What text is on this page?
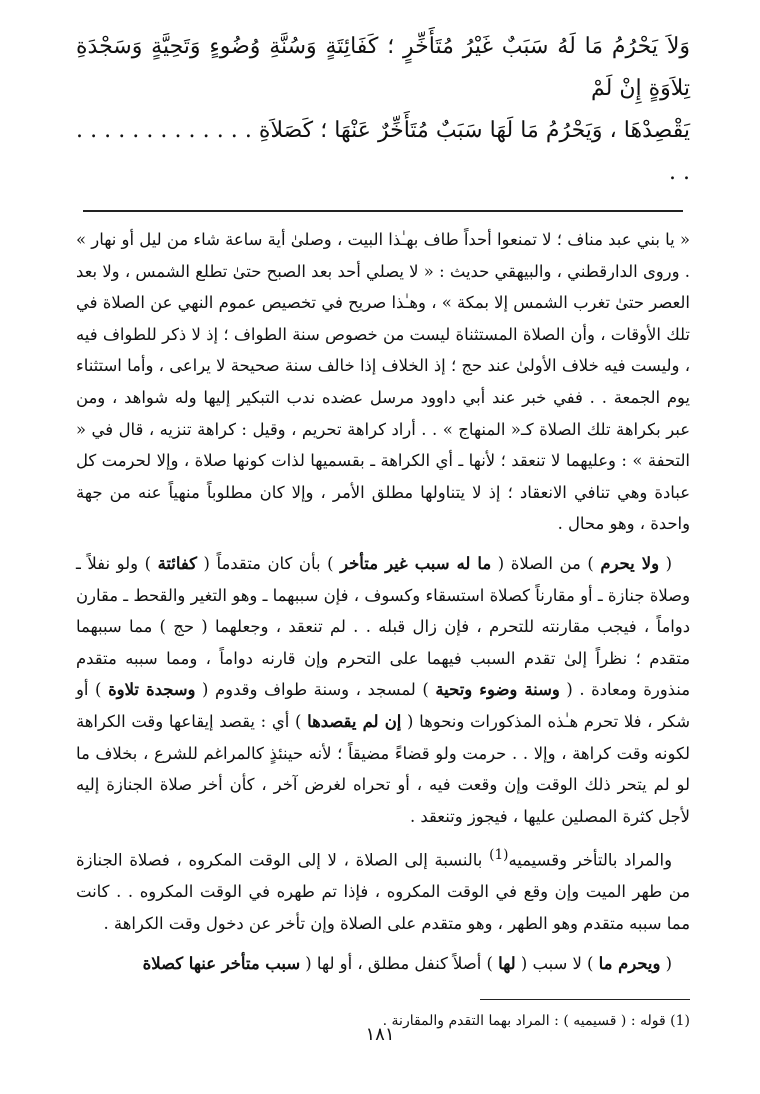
وَلاَ يَحْرُمُ مَا لَهُ سَبَبٌ غَيْرُ مُتَأَخِّرٍ ؛ كَفَائِتَةٍ وَسُنَّةِ وُضُوءٍ وَتَحِيَّةٍ وَسَجْدَةِ تِلاَوَةٍ إِنْ لَمْ
يَقْصِدْهَا ، وَيَحْرُمُ مَا لَهَا سَبَبٌ مُتَأَخِّرٌ عَنْهَا ؛ كَصَلاَةِ . . . . . . . . . . . . . . .

« يا بني عبد مناف ؛ لا تمنعوا أحداً طاف بهـٰذا البيت ، وصلىٰ أية ساعة شاء من ليل أو نهار » . وروى الدارقطني ، والبيهقي حديث : « لا يصلي أحد بعد الصبح حتىٰ تطلع الشمس ، ولا بعد العصر حتىٰ تغرب الشمس إلا بمكة » ، وهـٰذا صريح في تخصيص عموم النهي عن الصلاة في تلك الأوقات ، وأن الصلاة المستثناة ليست من خصوص سنة الطواف ؛ إذ لا ذكر للطواف فيه ، وليست فيه خلاف الأولىٰ عند حج ؛ إذ الخلاف إذا خالف سنة صحيحة لا يراعى ، وأما استثناء يوم الجمعة . . ففي خبر عند أبي داوود مرسل عضده ندب التبكير إليها وله شواهد ، ومن عبر بكراهة تلك الصلاة كـ« المنهاج » . . أراد كراهة تحريم ، وقيل : كراهة تنزيه ، قال في « التحفة » : وعليهما لا تنعقد ؛ لأنها ـ أي الكراهة ـ بقسميها لذات كونها صلاة ، وإلا لحرمت كل عبادة وهي تنافي الانعقاد ؛ إذ لا يتناولها مطلق الأمر ، وإلا كان مطلوباً منهياً عنه من جهة واحدة ، وهو محال .

( ولا يحرم ) من الصلاة ( ما له سبب غير متأخر ) بأن كان متقدماً ( كفائتة ) ولو نفلاً ـ وصلاة جنازة ـ أو مقارناً كصلاة استسقاء وكسوف ، فإن سببهما ـ وهو التغير والقحط ـ مقارن دواماً ، فيجب مقارنته للتحرم ، فإن زال قبله . . لم تنعقد ، وجعلهما ( حج ) مما سببهما متقدم ؛ نظراً إلىٰ تقدم السبب فيهما على التحرم وإن قارنه دواماً ، ومما سببه متقدم منذورة ومعادة . ( وسنة وضوء وتحية ) لمسجد ، وسنة طواف وقدوم ( وسجدة تلاوة ) أو شكر ، فلا تحرم هـٰذه المذكورات ونحوها ( إن لم يقصدها ) أي : يقصد إيقاعها وقت الكراهة لكونه وقت كراهة ، وإلا . . حرمت ولو قضاءً مضيقاً ؛ لأنه حينئذٍ كالمراغم للشرع ، بخلاف ما لو لم يتحر ذلك الوقت وإن وقعت فيه ، أو تحراه لغرض آخر ، كأن أخر صلاة الجنازة إليه لأجل كثرة المصلين عليها ، فيجوز وتنعقد .

والمراد بالتأخر وقسيميه$^{(1)}$ بالنسبة إلى الصلاة ، لا إلى الوقت المكروه ، فصلاة الجنازة من طهر الميت وإن وقع في الوقت المكروه ، فإذا تم طهره في الوقت المكروه . . كانت مما سببه متقدم وهو الطهر ، وهو متقدم على الصلاة وإن تأخر عن دخول وقت الكراهة .

( ويحرم ما ) لا سبب ( لها ) أصلاً كنفل مطلق ، أو لها ( سبب متأخر عنها كصلاة

(1) قوله : ( قسيميه ) : المراد بهما التقدم والمقارنة .
١٨١
